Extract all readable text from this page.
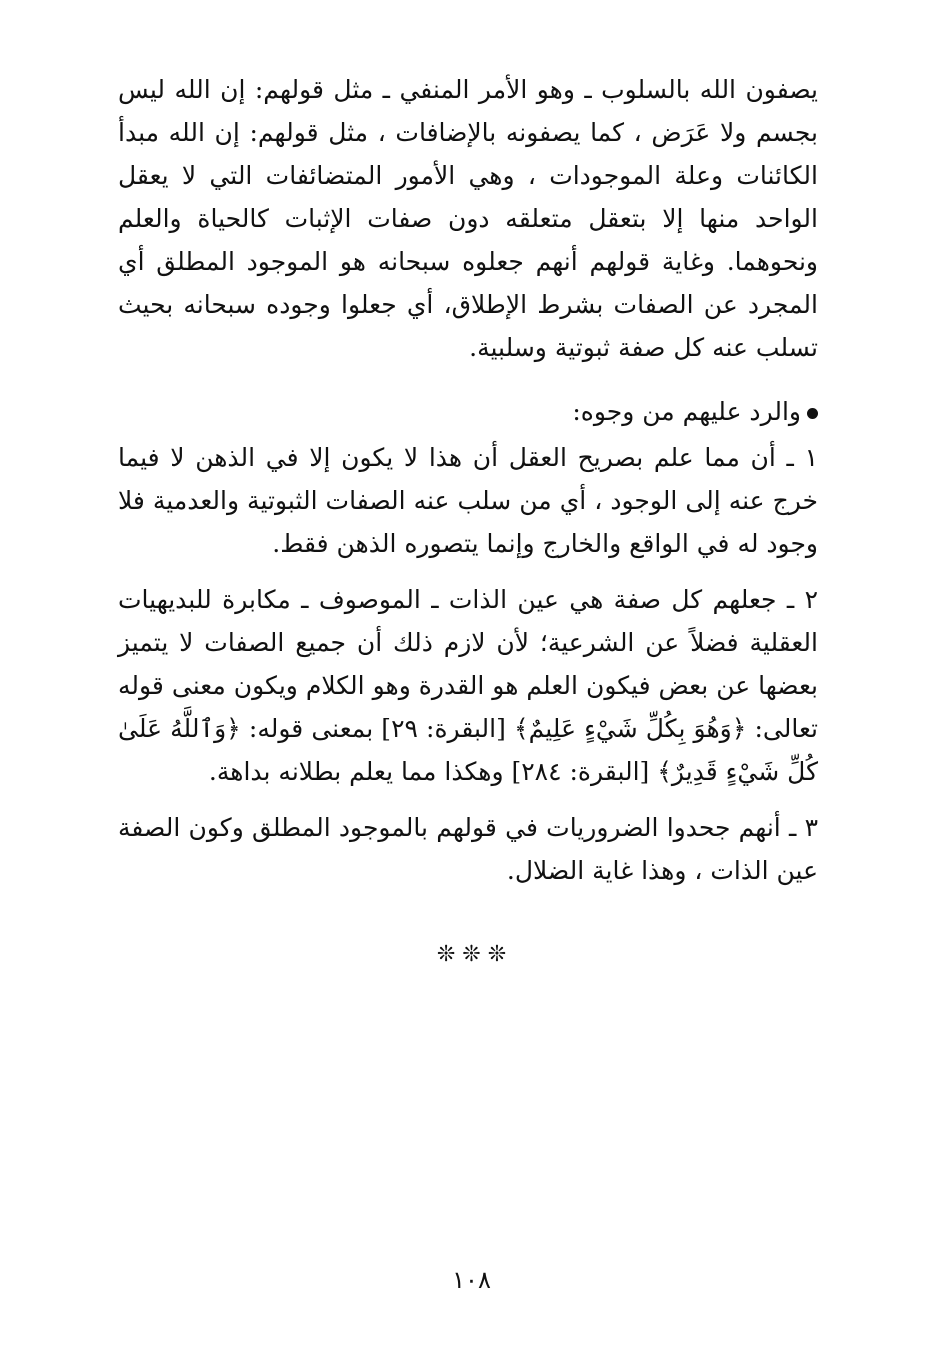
يصفون الله بالسلوب ـ وهو الأمر المنفي ـ مثل قولهم: إن الله ليس بجسم ولا عَرَض ، كما يصفونه بالإضافات ، مثل قولهم: إن الله مبدأ الكائنات وعلة الموجودات ، وهي الأمور المتضائفات التي لا يعقل الواحد منها إلا بتعقل متعلقه دون صفات الإثبات كالحياة والعلم ونحوهما. وغاية قولهم أنهم جعلوه سبحانه هو الموجود المطلق أي المجرد عن الصفات بشرط الإطلاق، أي جعلوا وجوده سبحانه بحيث تسلب عنه كل صفة ثبوتية وسلبية.

والرد عليهم من وجوه:

١ ـ أن مما علم بصريح العقل أن هذا لا يكون إلا في الذهن لا فيما خرج عنه إلى الوجود ، أي من سلب عنه الصفات الثبوتية والعدمية فلا وجود له في الواقع والخارج وإنما يتصوره الذهن فقط.

٢ ـ جعلهم كل صفة هي عين الذات ـ الموصوف ـ مكابرة للبديهيات العقلية فضلاً عن الشرعية؛ لأن لازم ذلك أن جميع الصفات لا يتميز بعضها عن بعض فيكون العلم هو القدرة وهو الكلام ويكون معنى قوله تعالى: ﴿وَهُوَ بِكُلِّ شَيْءٍ عَلِيمٌ﴾ [البقرة: ٢٩] بمعنى قوله: ﴿وَٱللَّهُ عَلَىٰ كُلِّ شَيْءٍ قَدِيرٌ﴾ [البقرة: ٢٨٤] وهكذا مما يعلم بطلانه بداهة.

٣ ـ أنهم جحدوا الضروريات في قولهم بالموجود المطلق وكون الصفة عين الذات ، وهذا غاية الضلال.

❊ ❊ ❊
١٠٨
